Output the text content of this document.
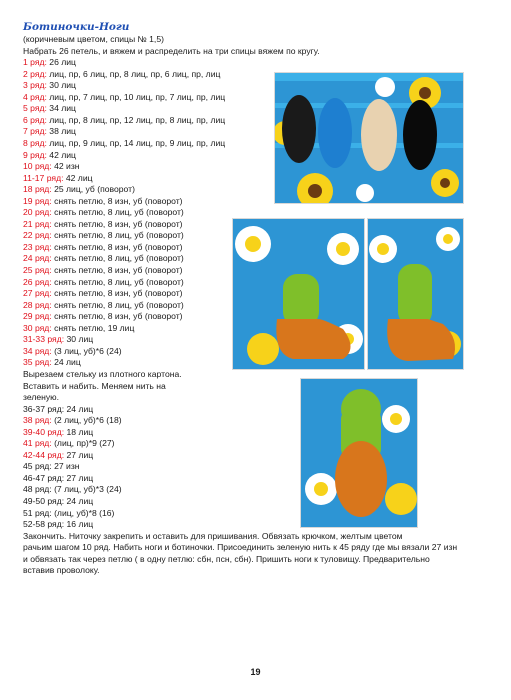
Ботиночки-Ноги
(коричневым цветом, спицы № 1,5)
Набрать 26 петель, и вяжем и распределить на три спицы вяжем по кругу.
1 ряд: 26 лиц
2 ряд: лиц, пр, 6 лиц, пр, 8 лиц, пр, 6 лиц, пр, лиц
3 ряд: 30 лиц
4 ряд: лиц, пр, 7 лиц, пр, 10 лиц, пр, 7 лиц, пр, лиц
5 ряд: 34 лиц
6 ряд: лиц, пр, 8 лиц, пр, 12 лиц, пр, 8 лиц, пр, лиц
7 ряд: 38 лиц
8 ряд: лиц, пр, 9 лиц, пр, 14 лиц, пр, 9 лиц, пр, лиц
9 ряд: 42 лиц
10 ряд: 42 изн
11-17 ряд: 42 лиц
18 ряд: 25 лиц, уб (поворот)
19 ряд: снять петлю, 8 изн, уб (поворот)
20 ряд: снять петлю, 8 лиц, уб (поворот)
21 ряд: снять петлю, 8 изн, уб (поворот)
22 ряд: снять петлю, 8 лиц, уб (поворот)
23 ряд: снять петлю, 8 изн, уб (поворот)
24 ряд: снять петлю, 8 лиц, уб (поворот)
25 ряд: снять петлю, 8 изн, уб (поворот)
26 ряд: снять петлю, 8 лиц, уб (поворот)
27 ряд: снять петлю, 8 изн, уб (поворот)
28 ряд: снять петлю, 8 лиц, уб (поворот)
29 ряд: снять петлю, 8 изн, уб (поворот)
30 ряд: снять петлю, 19 лиц
31-33 ряд: 30 лиц
34 ряд: (3 лиц, уб)*6 (24)
35 ряд: 24 лиц
Вырезаем стельку из плотного картона.
Вставить и набить. Меняем нить на
зеленую.
36-37 ряд: 24 лиц
38 ряд: (2 лиц, уб)*6 (18)
39-40 ряд: 18 лиц
41 ряд: (лиц, пр)*9 (27)
42-44 ряд: 27 лиц
45 ряд: 27 изн
46-47 ряд: 27 лиц
48 ряд: (7 лиц, уб)*3 (24)
49-50 ряд: 24 лиц
51 ряд: (лиц, уб)*8 (16)
52-58 ряд: 16 лиц
Закончить. Ниточку закрепить и оставить для пришивания. Обвязать крючком, желтым цветом
рачьим шагом 10 ряд. Набить ноги и ботиночки. Присоединить зеленую нить к 45 ряду где мы вязали 27 изн
и обвязать так через петлю ( в одну петлю: сбн, псн, сбн). Пришить ноги к туловищу. Предварительно
вставив проволоку.
19
